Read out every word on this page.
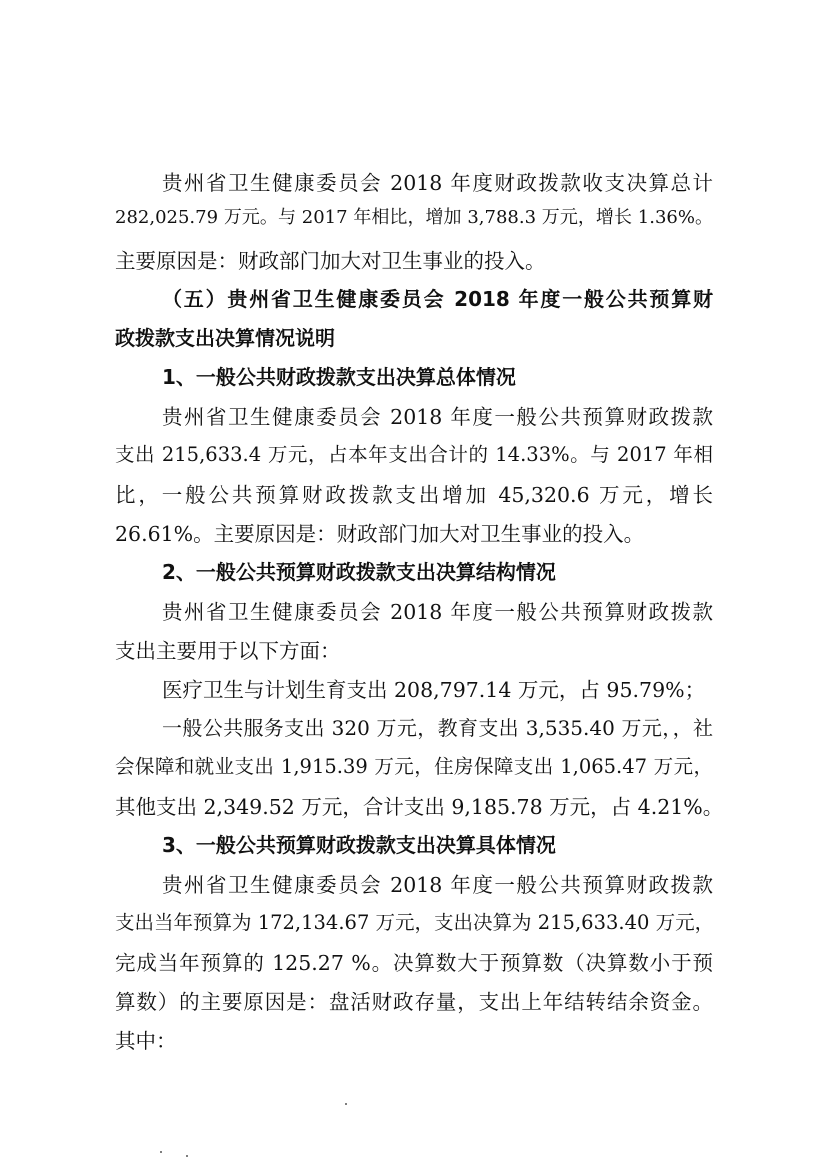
贵州省卫生健康委员会 2018 年度财政拨款收支决算总计

282,025.79 万元。与 2017 年相比，增加 3,788.3 万元，增长 1.36%。

主要原因是：财政部门加大对卫生事业的投入。

（五）贵州省卫生健康委员会 2018 年度一般公共预算财

政拨款支出决算情况说明

1、一般公共财政拨款支出决算总体情况

贵州省卫生健康委员会 2018 年度一般公共预算财政拨款

支出 215,633.4 万元，占本年支出合计的 14.33%。与 2017 年相

比，一般公共预算财政拨款支出增加 45,320.6 万元，增长

26.61%。主要原因是：财政部门加大对卫生事业的投入。

2、一般公共预算财政拨款支出决算结构情况

贵州省卫生健康委员会 2018 年度一般公共预算财政拨款

支出主要用于以下方面：

医疗卫生与计划生育支出 208,797.14 万元，占 95.79%；

一般公共服务支出 320 万元，教育支出 3,535.40 万元，，社

会保障和就业支出 1,915.39 万元，住房保障支出 1,065.47 万元，

其他支出 2,349.52 万元，合计支出 9,185.78 万元，占 4.21%。

3、一般公共预算财政拨款支出决算具体情况

贵州省卫生健康委员会 2018 年度一般公共预算财政拨款

支出当年预算为 172,134.67 万元，支出决算为 215,633.40 万元，

完成当年预算的 125.27 %。决算数大于预算数（决算数小于预

算数）的主要原因是：盘活财政存量，支出上年结转结余资金。

其中：
